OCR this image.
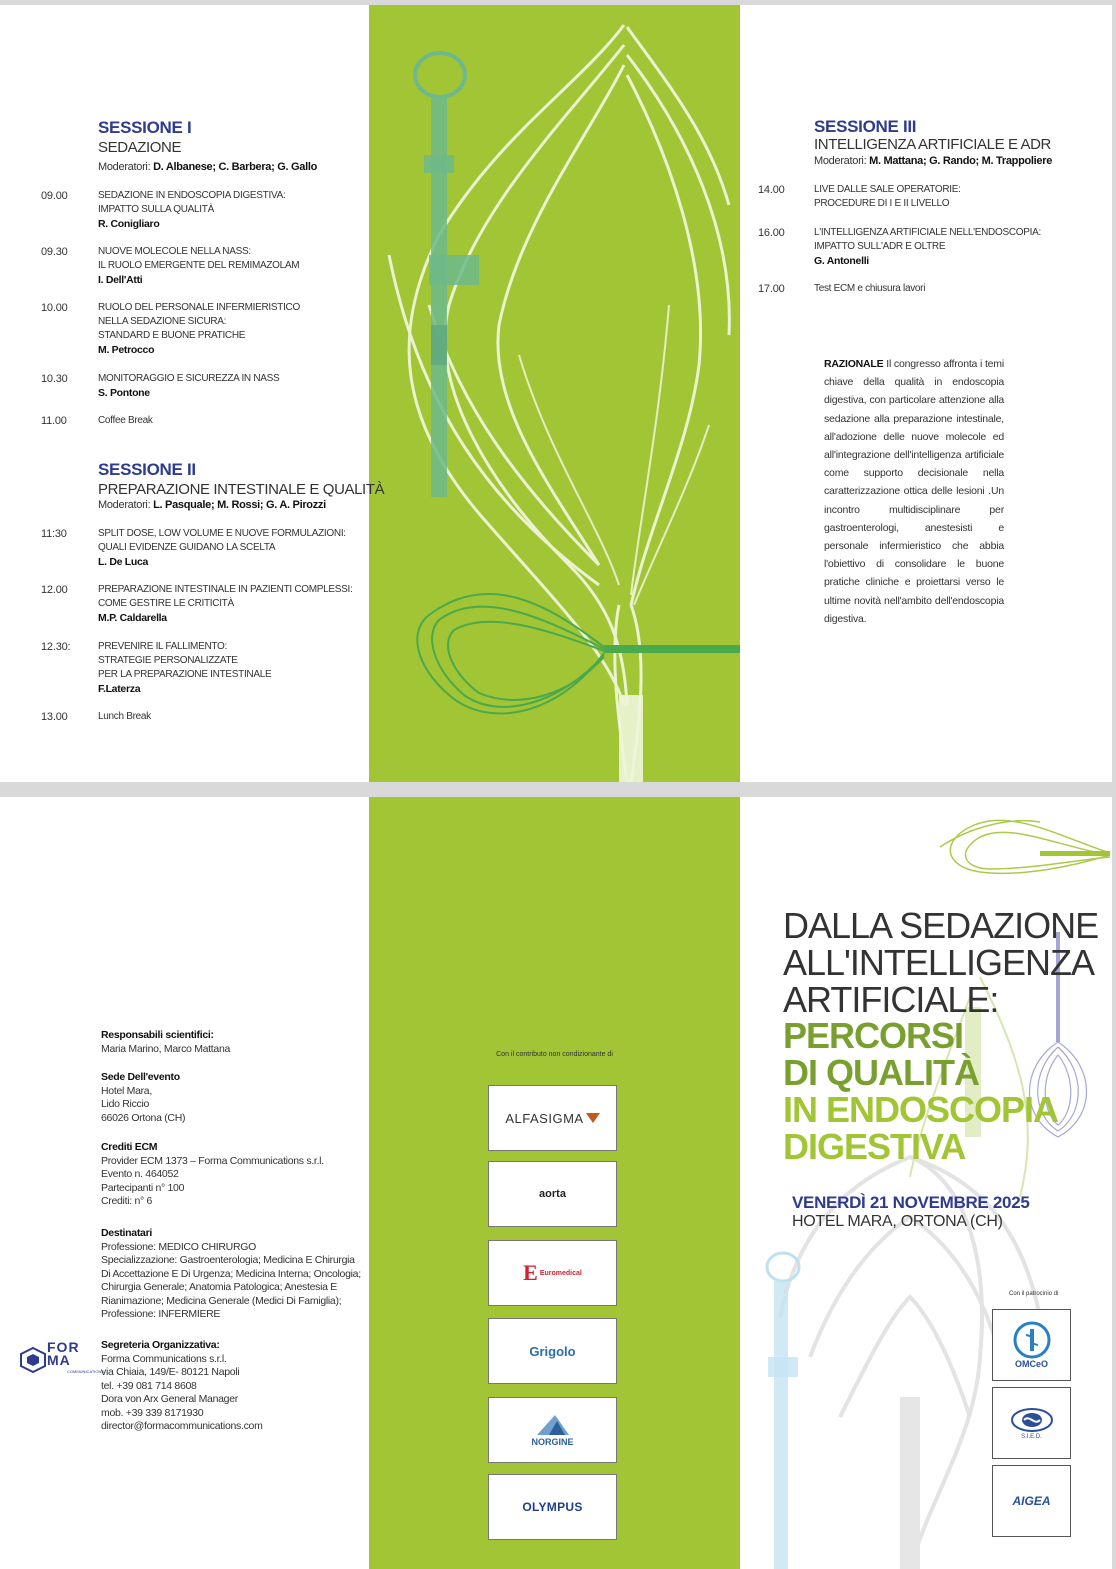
SESSIONE I
SEDAZIONE
Moderatori: D. Albanese; C. Barbera; G. Gallo
09.00	SEDAZIONE IN ENDOSCOPIA DIGESTIVA:
IMPATTO SULLA QUALITÀ
R. Conigliaro
09.30	NUOVE MOLECOLE NELLA NASS:
IL RUOLO EMERGENTE DEL REMIMAZOLAM
I. Dell'Atti
10.00	RUOLO DEL PERSONALE INFERMIERISTICO
NELLA SEDAZIONE SICURA:
STANDARD E BUONE PRATICHE
M. Petrocco
10.30	MONITORAGGIO E SICUREZZA IN NASS
S. Pontone
11.00	Coffee Break
SESSIONE II
PREPARAZIONE INTESTINALE E QUALITÀ
Moderatori: L. Pasquale; M. Rossi; G. A. Pirozzi
11:30	SPLIT DOSE, LOW VOLUME E NUOVE FORMULAZIONI:
QUALI EVIDENZE GUIDANO LA SCELTA
L. De Luca
12.00	PREPARAZIONE INTESTINALE IN PAZIENTI COMPLESSI:
COME GESTIRE LE CRITICITÀ
M.P. Caldarella
12.30:	PREVENIRE IL FALLIMENTO:
STRATEGIE PERSONALIZZATE
PER LA PREPARAZIONE INTESTINALE
F.Laterza
13.00	Lunch Break
SESSIONE III
INTELLIGENZA ARTIFICIALE E ADR
Moderatori: M. Mattana; G. Rando; M. Trappoliere
14.00	LIVE DALLE SALE OPERATORIE:
PROCEDURE DI I E II LIVELLO
16.00	L'INTELLIGENZA ARTIFICIALE NELL'ENDOSCOPIA:
IMPATTO SULL'ADR E OLTRE
G. Antonelli
17.00	Test ECM e chiusura lavori
RAZIONALE Il congresso affronta i temi chiave della qualità in endoscopia digestiva, con particolare attenzione alla sedazione alla preparazione intestinale, all'adozione delle nuove molecole ed all'integrazione dell'intelligenza artificiale come supporto decisionale nella caratterizzazione ottica delle lesioni .Un incontro multidisciplinare per gastroenterologi, anestesisti e personale infermieristico che abbia l'obiettivo di consolidare le buone pratiche cliniche e proiettarsi verso le ultime novità nell'ambito dell'endoscopia digestiva.
Responsabili scientifici:
Maria Marino, Marco Mattana
Sede Dell'evento
Hotel Mara,
Lido Riccio
66026 Ortona (CH)
Crediti ECM
Provider ECM 1373 – Forma Communications s.r.l.
Evento n. 464052
Partecipanti n° 100
Crediti: n° 6
Destinatari
Professione: MEDICO CHIRURGO
Specializzazione: Gastroenterologia; Medicina E Chirurgia
Di Accettazione E Di Urgenza; Medicina Interna; Oncologia;
Chirurgia Generale; Anatomia Patologica; Anestesia E
Rianimazione; Medicina Generale (Medici Di Famiglia);
Professione: INFERMIERE
Segreteria Organizzativa:
Forma Communications s.r.l.
via Chiaia, 149/E- 80121 Napoli
tel. +39 081 714 8608
Dora von Arx General Manager
mob. +39 339 8171930
director@formacommunications.com
FOR
MA
COMMUNICATIONS
Con il contributo non condizionante di
ALFASIGMA
aorta
E Euromedical
Grigolo
NORGINE
OLYMPUS
DALLA SEDAZIONE
ALL'INTELLIGENZA
ARTIFICIALE:
PERCORSI
DI QUALITÀ
IN ENDOSCOPIA
DIGESTIVA
VENERDÌ 21 NOVEMBRE 2025
HOTEL MARA, ORTONA (CH)
Con il patrocinio di
OMCeO
S.I.E.D.
AIGEA
